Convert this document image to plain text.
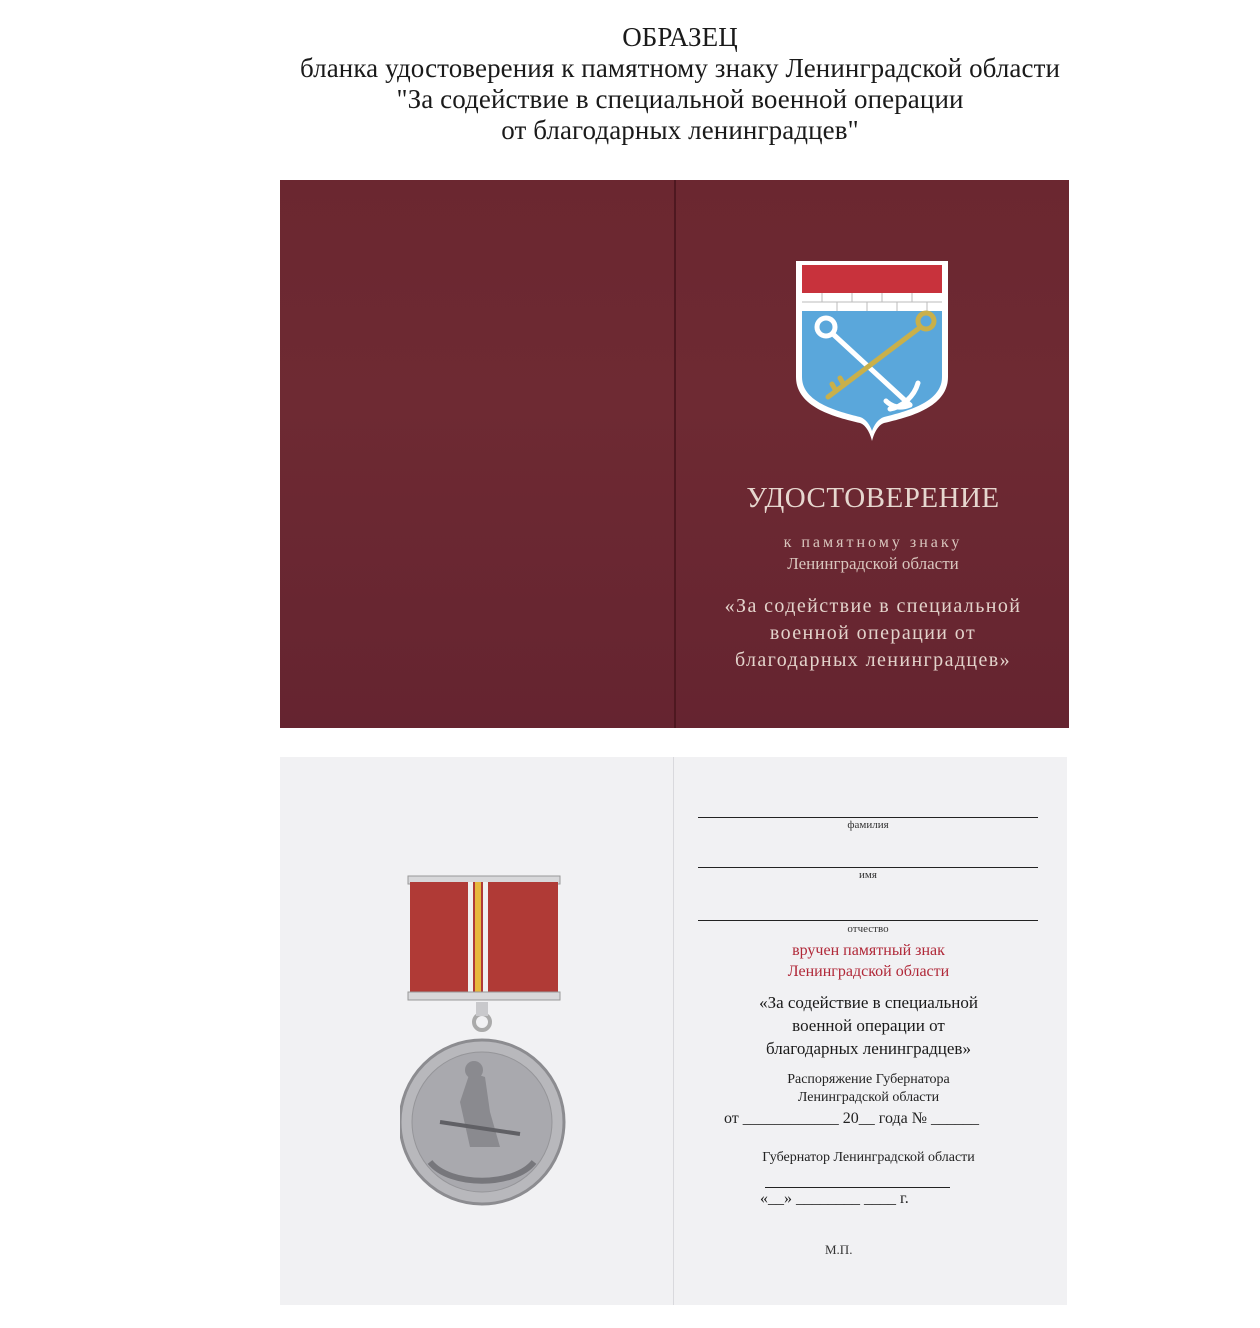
ОБРАЗЕЦ
бланка удостоверения к памятному знаку Ленинградской области
"За содействие в специальной военной операции
от благодарных ленинградцев"
УДОСТОВЕРЕНИЕ
к памятному знаку
Ленинградской области
«За содействие в специальной
военной операции от
благодарных ленинградцев»
фамилия
имя
отчество
вручен памятный знак
Ленинградской области
«За содействие в специальной
военной операции от
благодарных ленинградцев»
Распоряжение Губернатора
Ленинградской области
от ____________ 20__ года № ______
Губернатор Ленинградской области
«__» ________ ____ г.
М.П.
